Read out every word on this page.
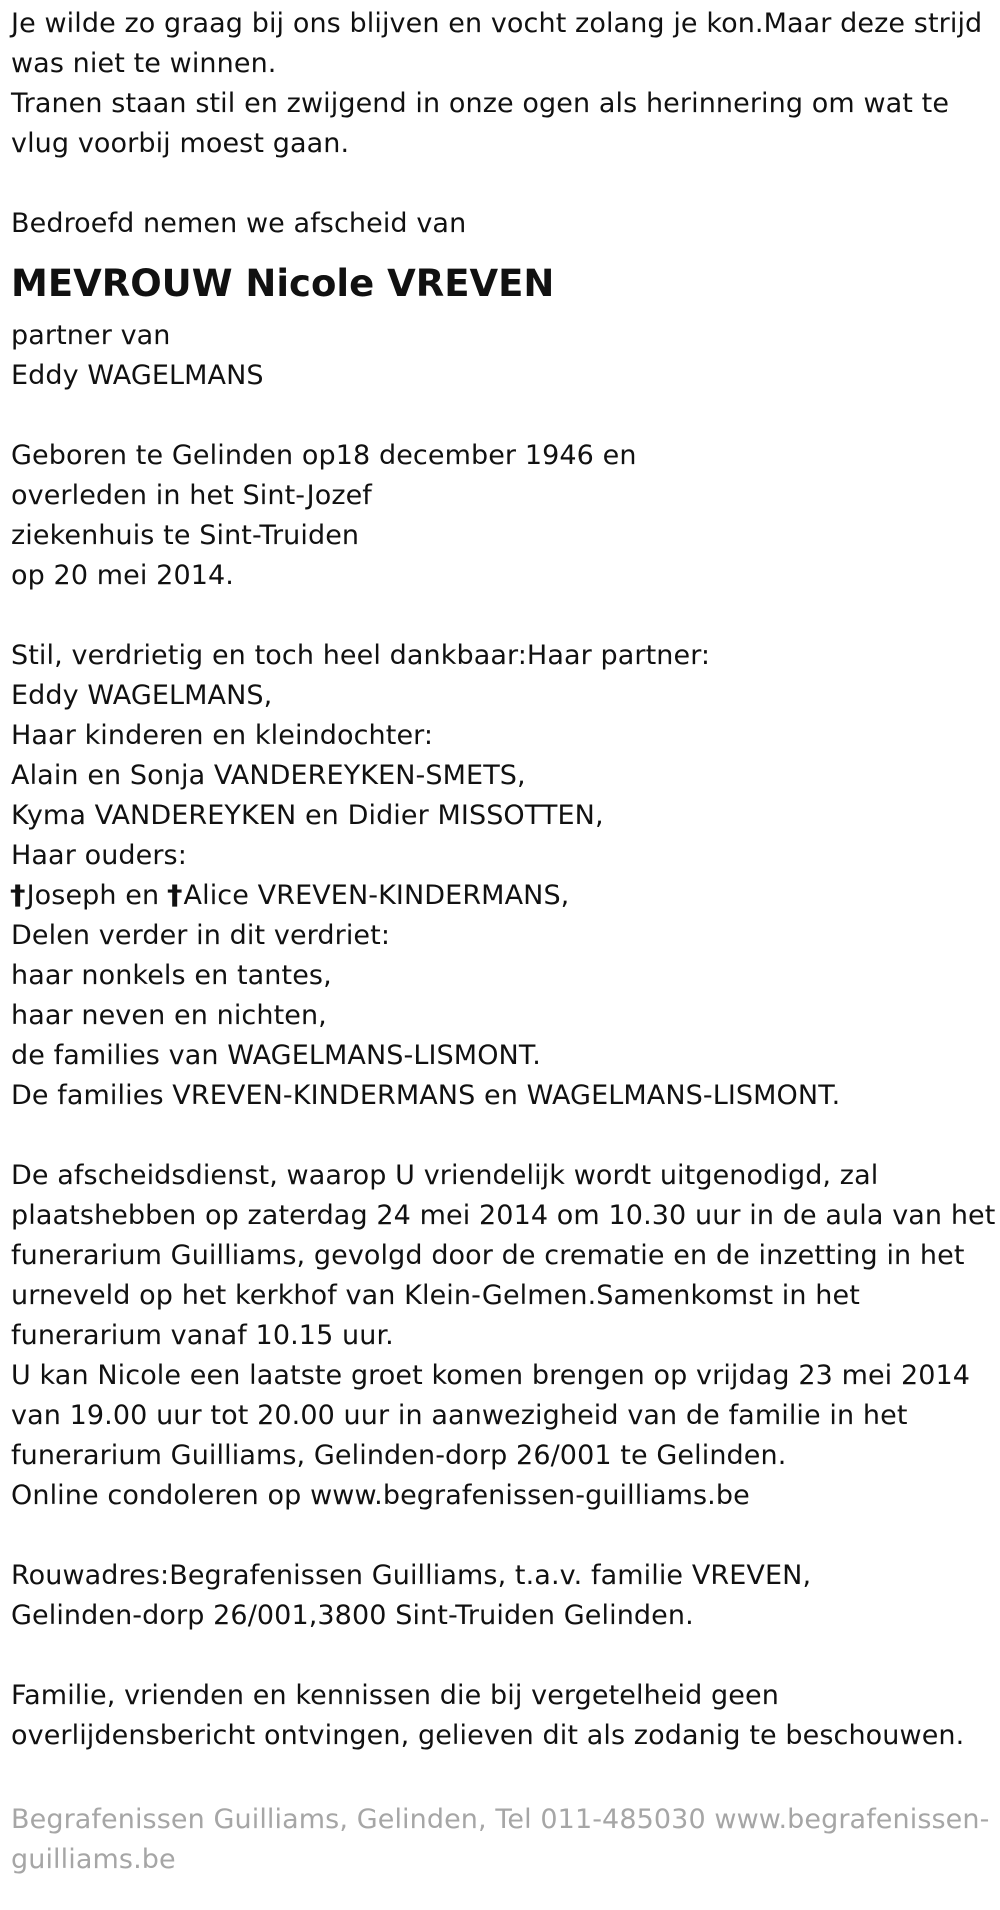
Je wilde zo graag bij ons blijven en vocht zolang je kon.Maar deze strijd
was niet te winnen.
Tranen staan stil en zwijgend in onze ogen als herinnering om wat te
vlug voorbij moest gaan.
Bedroefd nemen we afscheid van
MEVROUW Nicole VREVEN
partner van
Eddy WAGELMANS
Geboren te Gelinden op18 december 1946 en
overleden in het Sint-Jozef
ziekenhuis te Sint-Truiden
op 20 mei 2014.
Stil, verdrietig en toch heel dankbaar:Haar partner:
Eddy WAGELMANS,
Haar kinderen en kleindochter:
Alain en Sonja VANDEREYKEN-SMETS,
Kyma VANDEREYKEN en Didier MISSOTTEN,
Haar ouders:
†Joseph en †Alice VREVEN-KINDERMANS,
Delen verder in dit verdriet:
haar nonkels en tantes,
haar neven en nichten,
de families van WAGELMANS-LISMONT.
De families VREVEN-KINDERMANS en WAGELMANS-LISMONT.
De afscheidsdienst, waarop U vriendelijk wordt uitgenodigd, zal
plaatshebben op zaterdag 24 mei 2014 om 10.30 uur in de aula van het
funerarium Guilliams, gevolgd door de crematie en de inzetting in het
urneveld op het kerkhof van Klein-Gelmen.Samenkomst in het
funerarium vanaf 10.15 uur.
U kan Nicole een laatste groet komen brengen op vrijdag 23 mei 2014
van 19.00 uur tot 20.00 uur in aanwezigheid van de familie in het
funerarium Guilliams, Gelinden-dorp 26/001 te Gelinden.
Online condoleren op www.begrafenissen-guilliams.be
Rouwadres:Begrafenissen Guilliams, t.a.v. familie VREVEN,
Gelinden-dorp 26/001,3800 Sint-Truiden Gelinden.
Familie, vrienden en kennissen die bij vergetelheid geen
overlijdensbericht ontvingen, gelieven dit als zodanig te beschouwen.
Begrafenissen Guilliams, Gelinden, Tel 011-485030 www.begrafenissen-
guilliams.be
